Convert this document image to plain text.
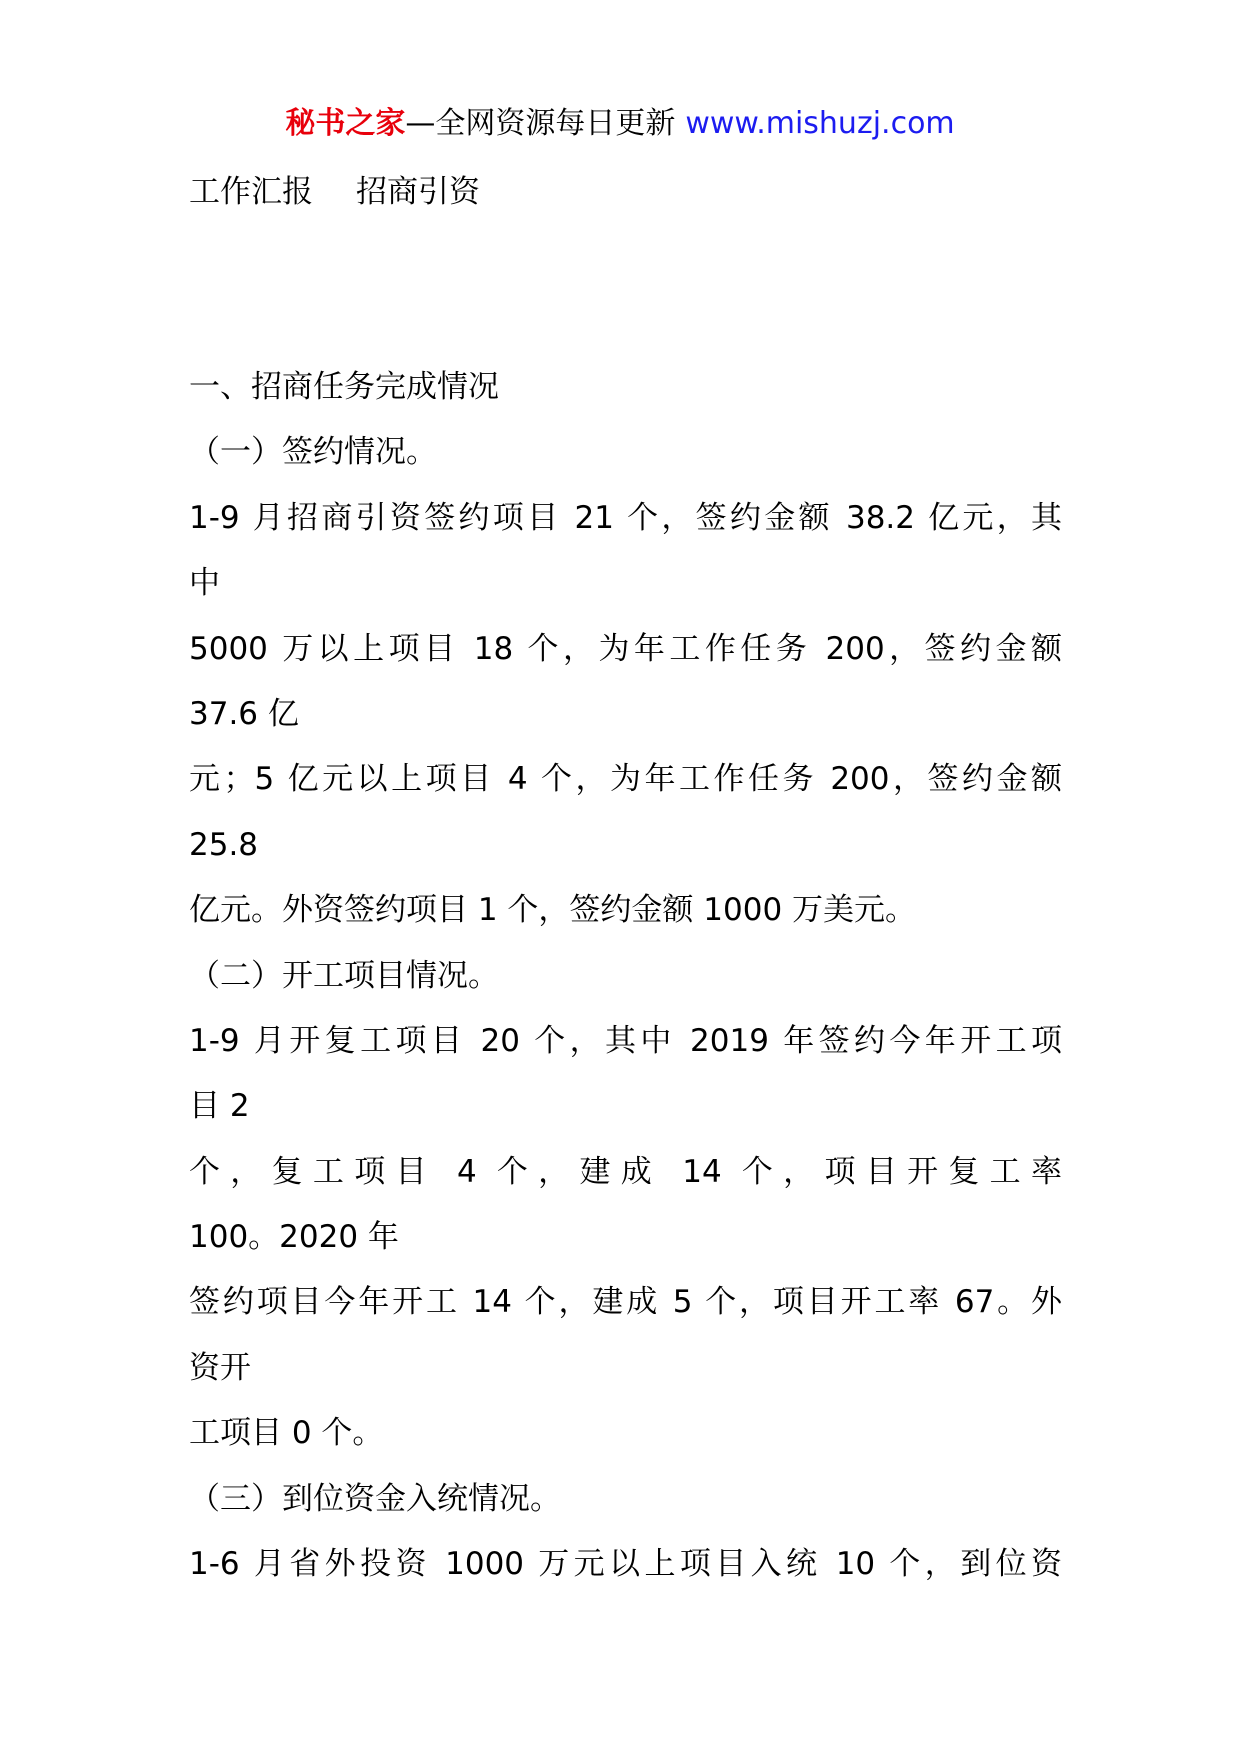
秘书之家—全网资源每日更新 www.mishuzj.com
工作汇报 招商引资
一、招商任务完成情况
（一）签约情况。
1-9 月招商引资签约项目 21 个，签约金额 38.2 亿元，其
中
5000 万以上项目 18 个，为年工作任务 200，签约金额
37.6 亿
元；5 亿元以上项目 4 个，为年工作任务 200，签约金额
25.8
亿元。外资签约项目 1 个，签约金额 1000 万美元。
（二）开工项目情况。
1-9 月开复工项目 20 个，其中 2019 年签约今年开工项
目 2
个，复工项目 4 个，建成 14 个，项目开复工率
100。2020 年
签约项目今年开工 14 个，建成 5 个，项目开工率 67。外
资开
工项目 0 个。
（三）到位资金入统情况。
1-6 月省外投资 1000 万元以上项目入统 10 个，到位资
